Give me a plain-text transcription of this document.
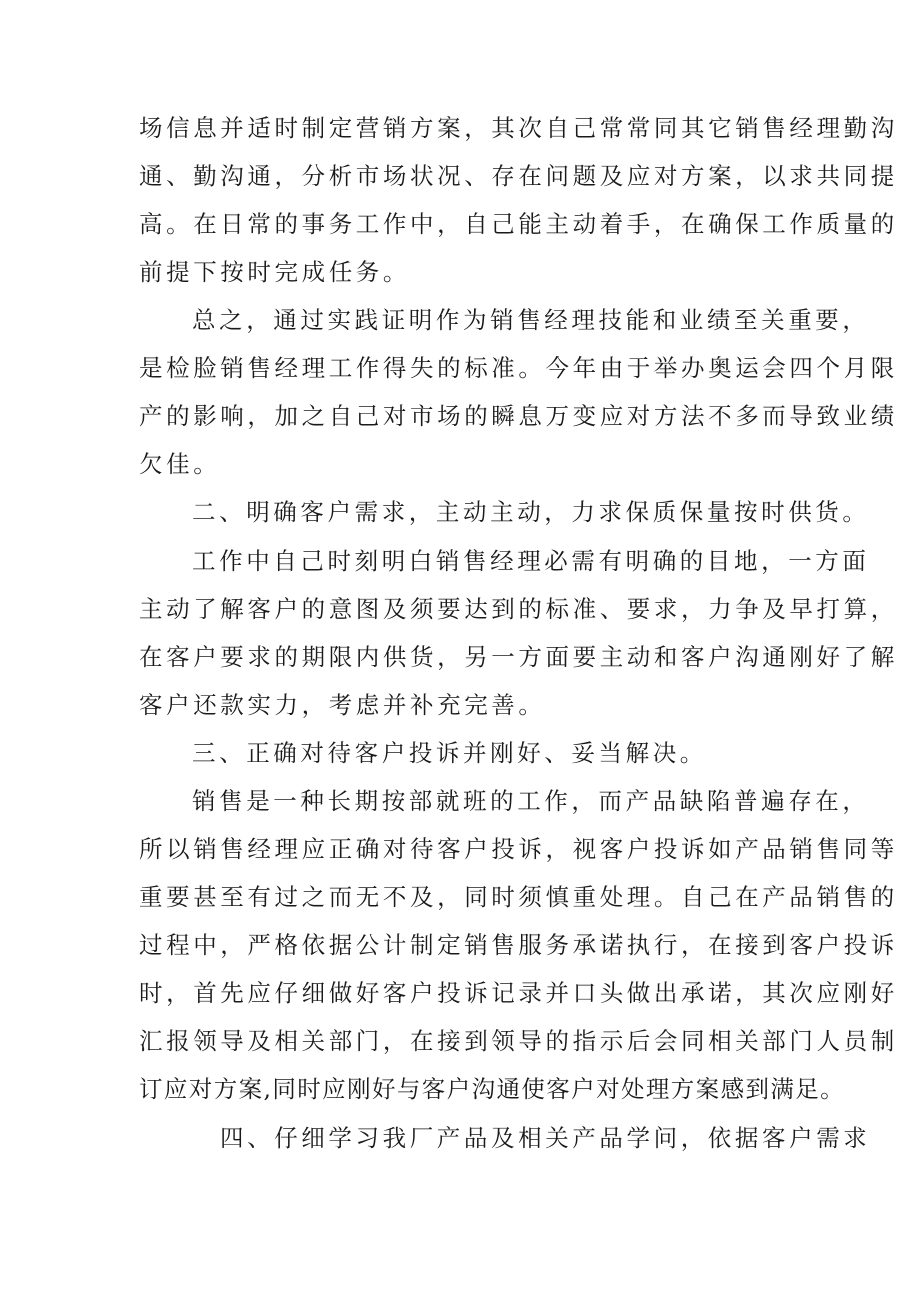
场信息并适时制定营销方案，其次自己常常同其它销售经理勤沟
通、勤沟通，分析市场状况、存在问题及应对方案，以求共同提
高。在日常的事务工作中，自己能主动着手，在确保工作质量的
前提下按时完成任务。
总之，通过实践证明作为销售经理技能和业绩至关重要，
是检脸销售经理工作得失的标准。今年由于举办奥运会四个月限
产的影响，加之自己对市场的瞬息万变应对方法不多而导致业绩
欠佳。
二、明确客户需求，主动主动，力求保质保量按时供货。
工作中自己时刻明白销售经理必需有明确的目地，一方面
主动了解客户的意图及须要达到的标准、要求，力争及早打算，
在客户要求的期限内供货，另一方面要主动和客户沟通刚好了解
客户还款实力，考虑并补充完善。
三、正确对待客户投诉并刚好、妥当解决。
销售是一种长期按部就班的工作，而产品缺陷普遍存在，
所以销售经理应正确对待客户投诉，视客户投诉如产品销售同等
重要甚至有过之而无不及，同时须慎重处理。自己在产品销售的
过程中，严格依据公计制定销售服务承诺执行，在接到客户投诉
时，首先应仔细做好客户投诉记录并口头做出承诺，其次应刚好
汇报领导及相关部门，在接到领导的指示后会同相关部门人员制
订应对方案,同时应刚好与客户沟通使客户对处理方案感到满足。
四、仔细学习我厂产品及相关产品学问，依据客户需求
